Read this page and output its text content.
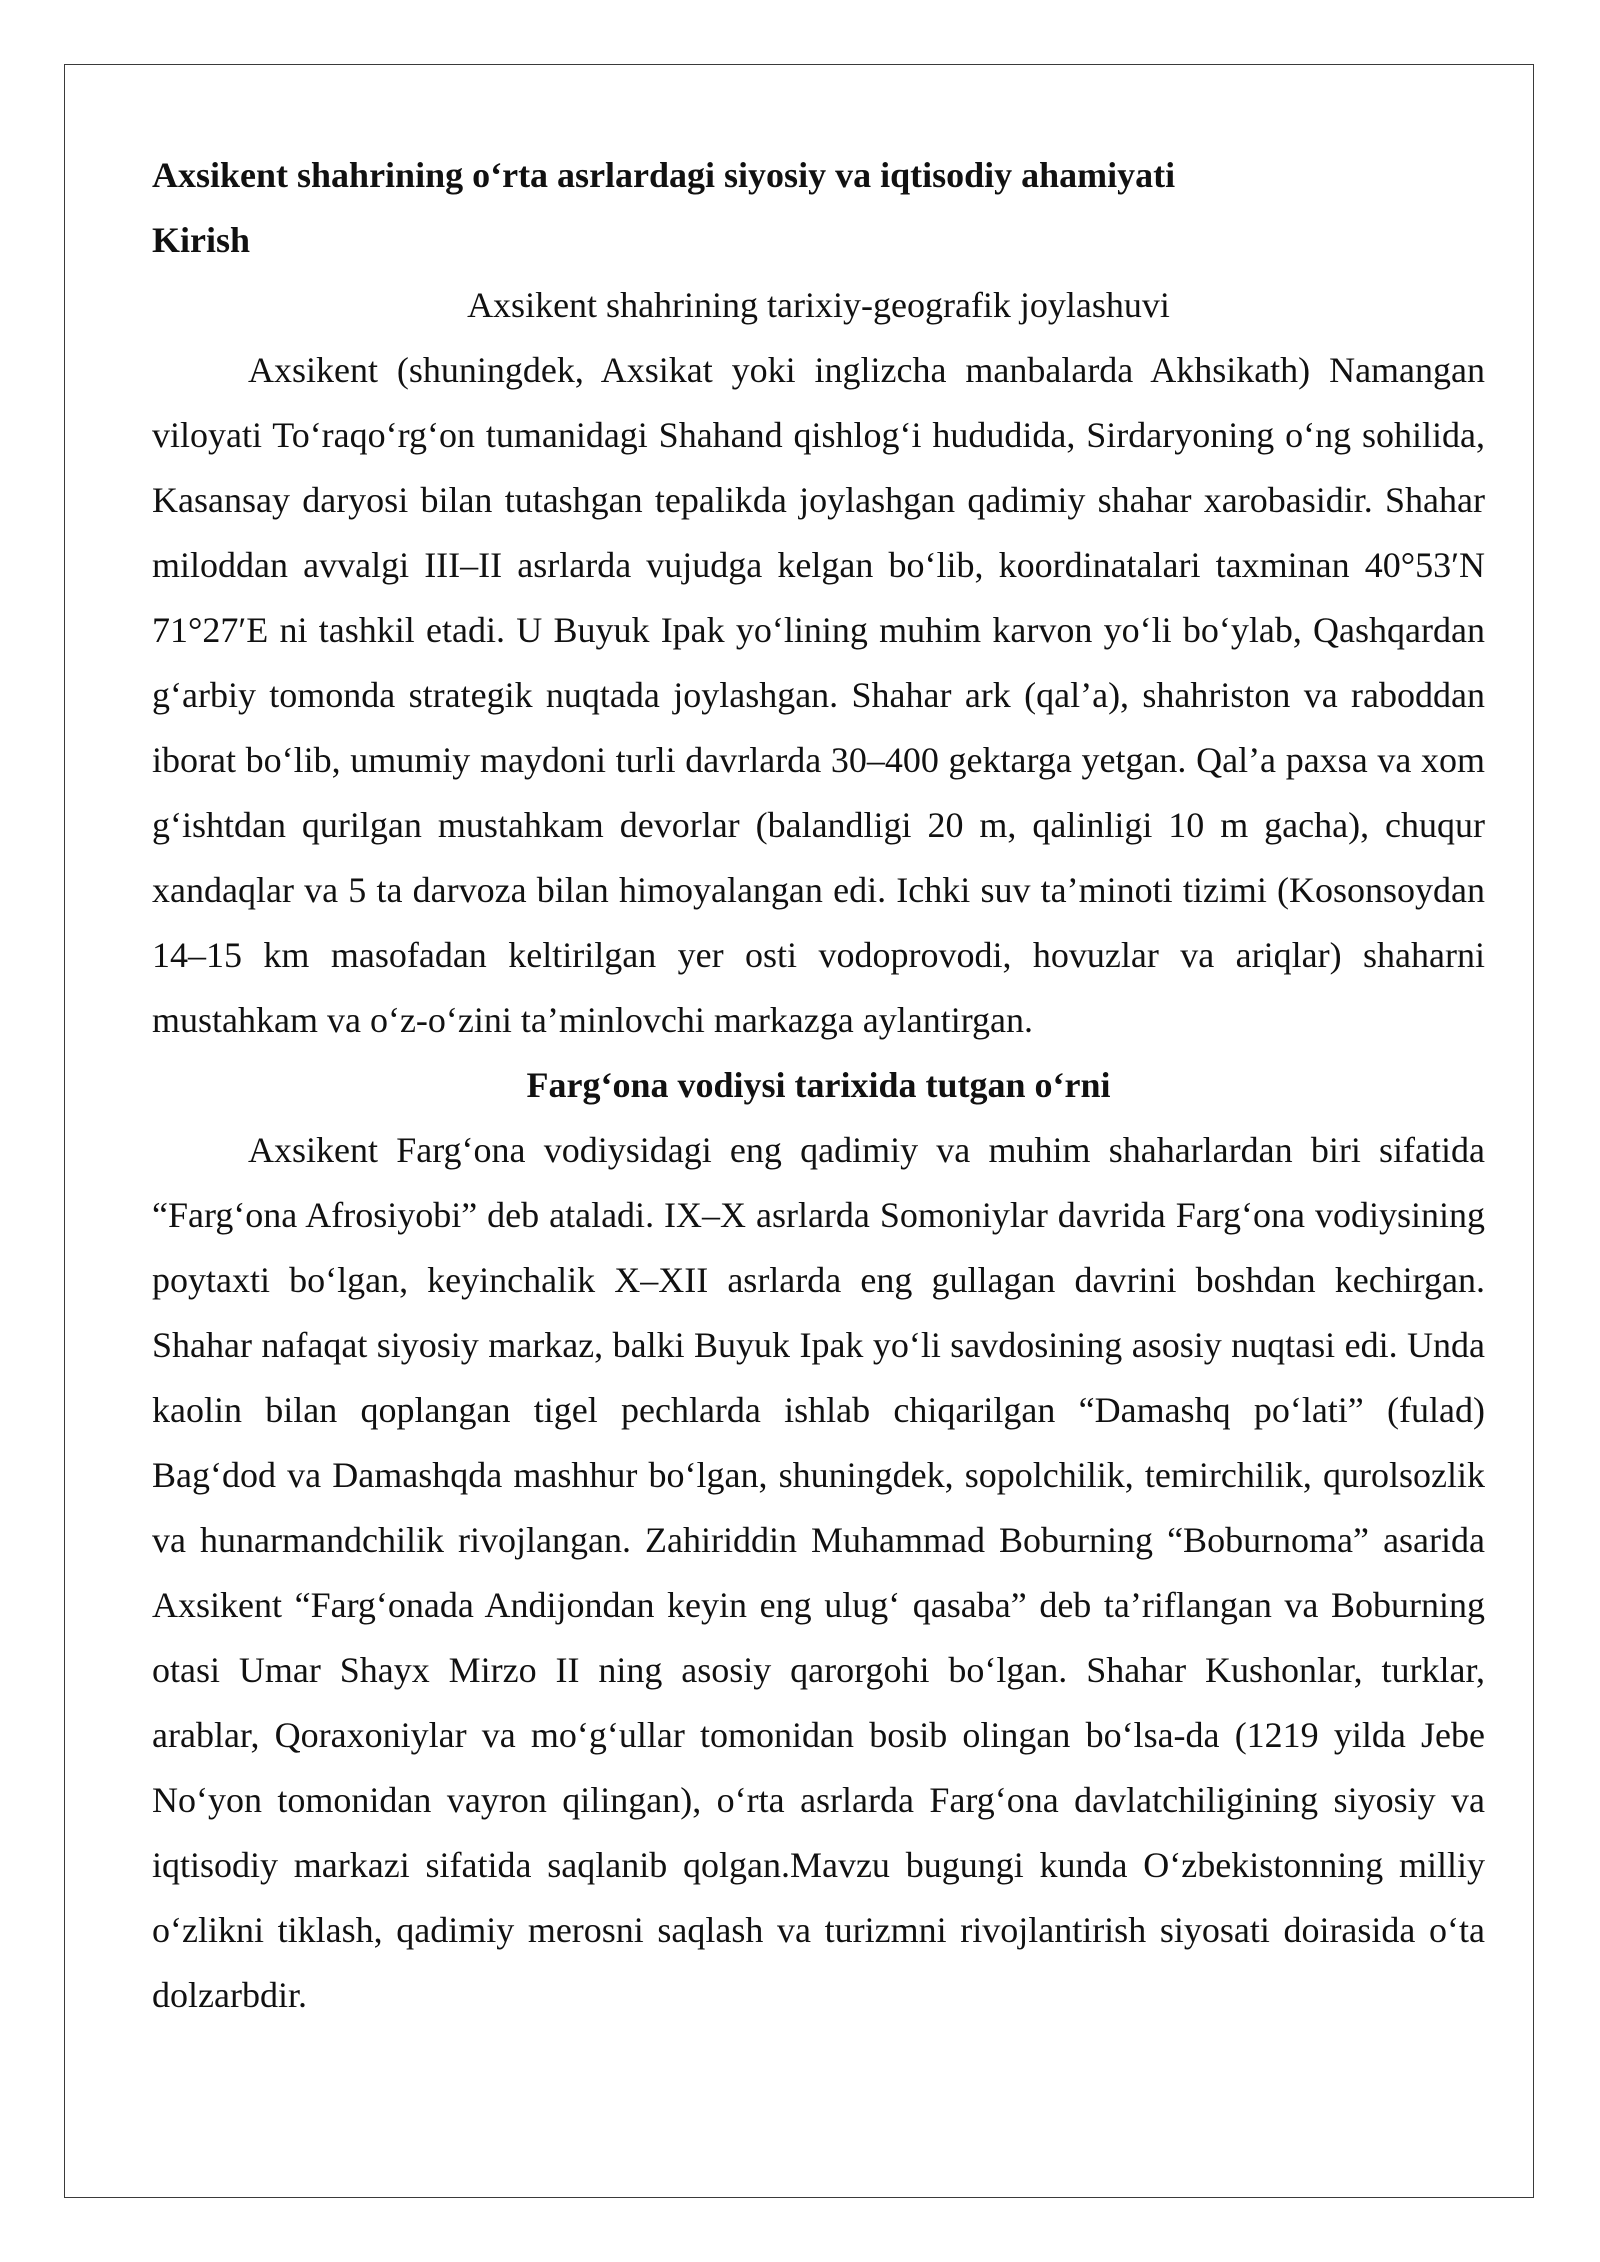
Axsikent shahrining o‘rta asrlardagi siyosiy va iqtisodiy ahamiyati

Kirish

Axsikent shahrining tarixiy-geografik joylashuvi

Axsikent (shuningdek, Axsikat yoki inglizcha manbalarda Akhsikath) Namangan viloyati To‘raqo‘rg‘on tumanidagi Shahand qishlog‘i hududida, Sirdaryoning o‘ng sohilida, Kasansay daryosi bilan tutashgan tepalikda joylashgan qadimiy shahar xarobasidir. Shahar miloddan avvalgi III–II asrlarda vujudga kelgan bo‘lib, koordinatalari taxminan 40°53′N 71°27′E ni tashkil etadi. U Buyuk Ipak yo‘lining muhim karvon yo‘li bo‘ylab, Qashqardan g‘arbiy tomonda strategik nuqtada joylashgan. Shahar ark (qal’a), shahriston va raboddan iborat bo‘lib, umumiy maydoni turli davrlarda 30–400 gektarga yetgan. Qal’a paxsa va xom g‘ishtdan qurilgan mustahkam devorlar (balandligi 20 m, qalinligi 10 m gacha), chuqur xandaqlar va 5 ta darvoza bilan himoyalangan edi. Ichki suv ta’minoti tizimi (Kosonsoydan 14–15 km masofadan keltirilgan yer osti vodoprovodi, hovuzlar va ariqlar) shaharni mustahkam va o‘z-o‘zini ta’minlovchi markazga aylantirgan.

Farg‘ona vodiysi tarixida tutgan o‘rni

Axsikent Farg‘ona vodiysidagi eng qadimiy va muhim shaharlardan biri sifatida “Farg‘ona Afrosiyobi” deb ataladi. IX–X asrlarda Somoniylar davrida Farg‘ona vodiysining poytaxti bo‘lgan, keyinchalik X–XII asrlarda eng gullagan davrini boshdan kechirgan. Shahar nafaqat siyosiy markaz, balki Buyuk Ipak yo‘li savdosining asosiy nuqtasi edi. Unda kaolin bilan qoplangan tigel pechlarda ishlab chiqarilgan “Damashq po‘lati” (fulad) Bag‘dod va Damashqda mashhur bo‘lgan, shuningdek, sopolchilik, temirchilik, qurolsozlik va hunarmandchilik rivojlangan. Zahiriddin Muhammad Boburning “Boburnoma” asarida Axsikent “Farg‘onada Andijondan keyin eng ulug‘ qasaba” deb ta’riflangan va Boburning otasi Umar Shayx Mirzo II ning asosiy qarorgohi bo‘lgan. Shahar Kushonlar, turklar, arablar, Qoraxoniylar va mo‘g‘ullar tomonidan bosib olingan bo‘lsa-da (1219 yilda Jebe No‘yon tomonidan vayron qilingan), o‘rta asrlarda Farg‘ona davlatchiligining siyosiy va iqtisodiy markazi sifatida saqlanib qolgan.Mavzu bugungi kunda O‘zbekistonning milliy o‘zlikni tiklash, qadimiy merosni saqlash va turizmni rivojlantirish siyosati doirasida o‘ta dolzarbdir.
